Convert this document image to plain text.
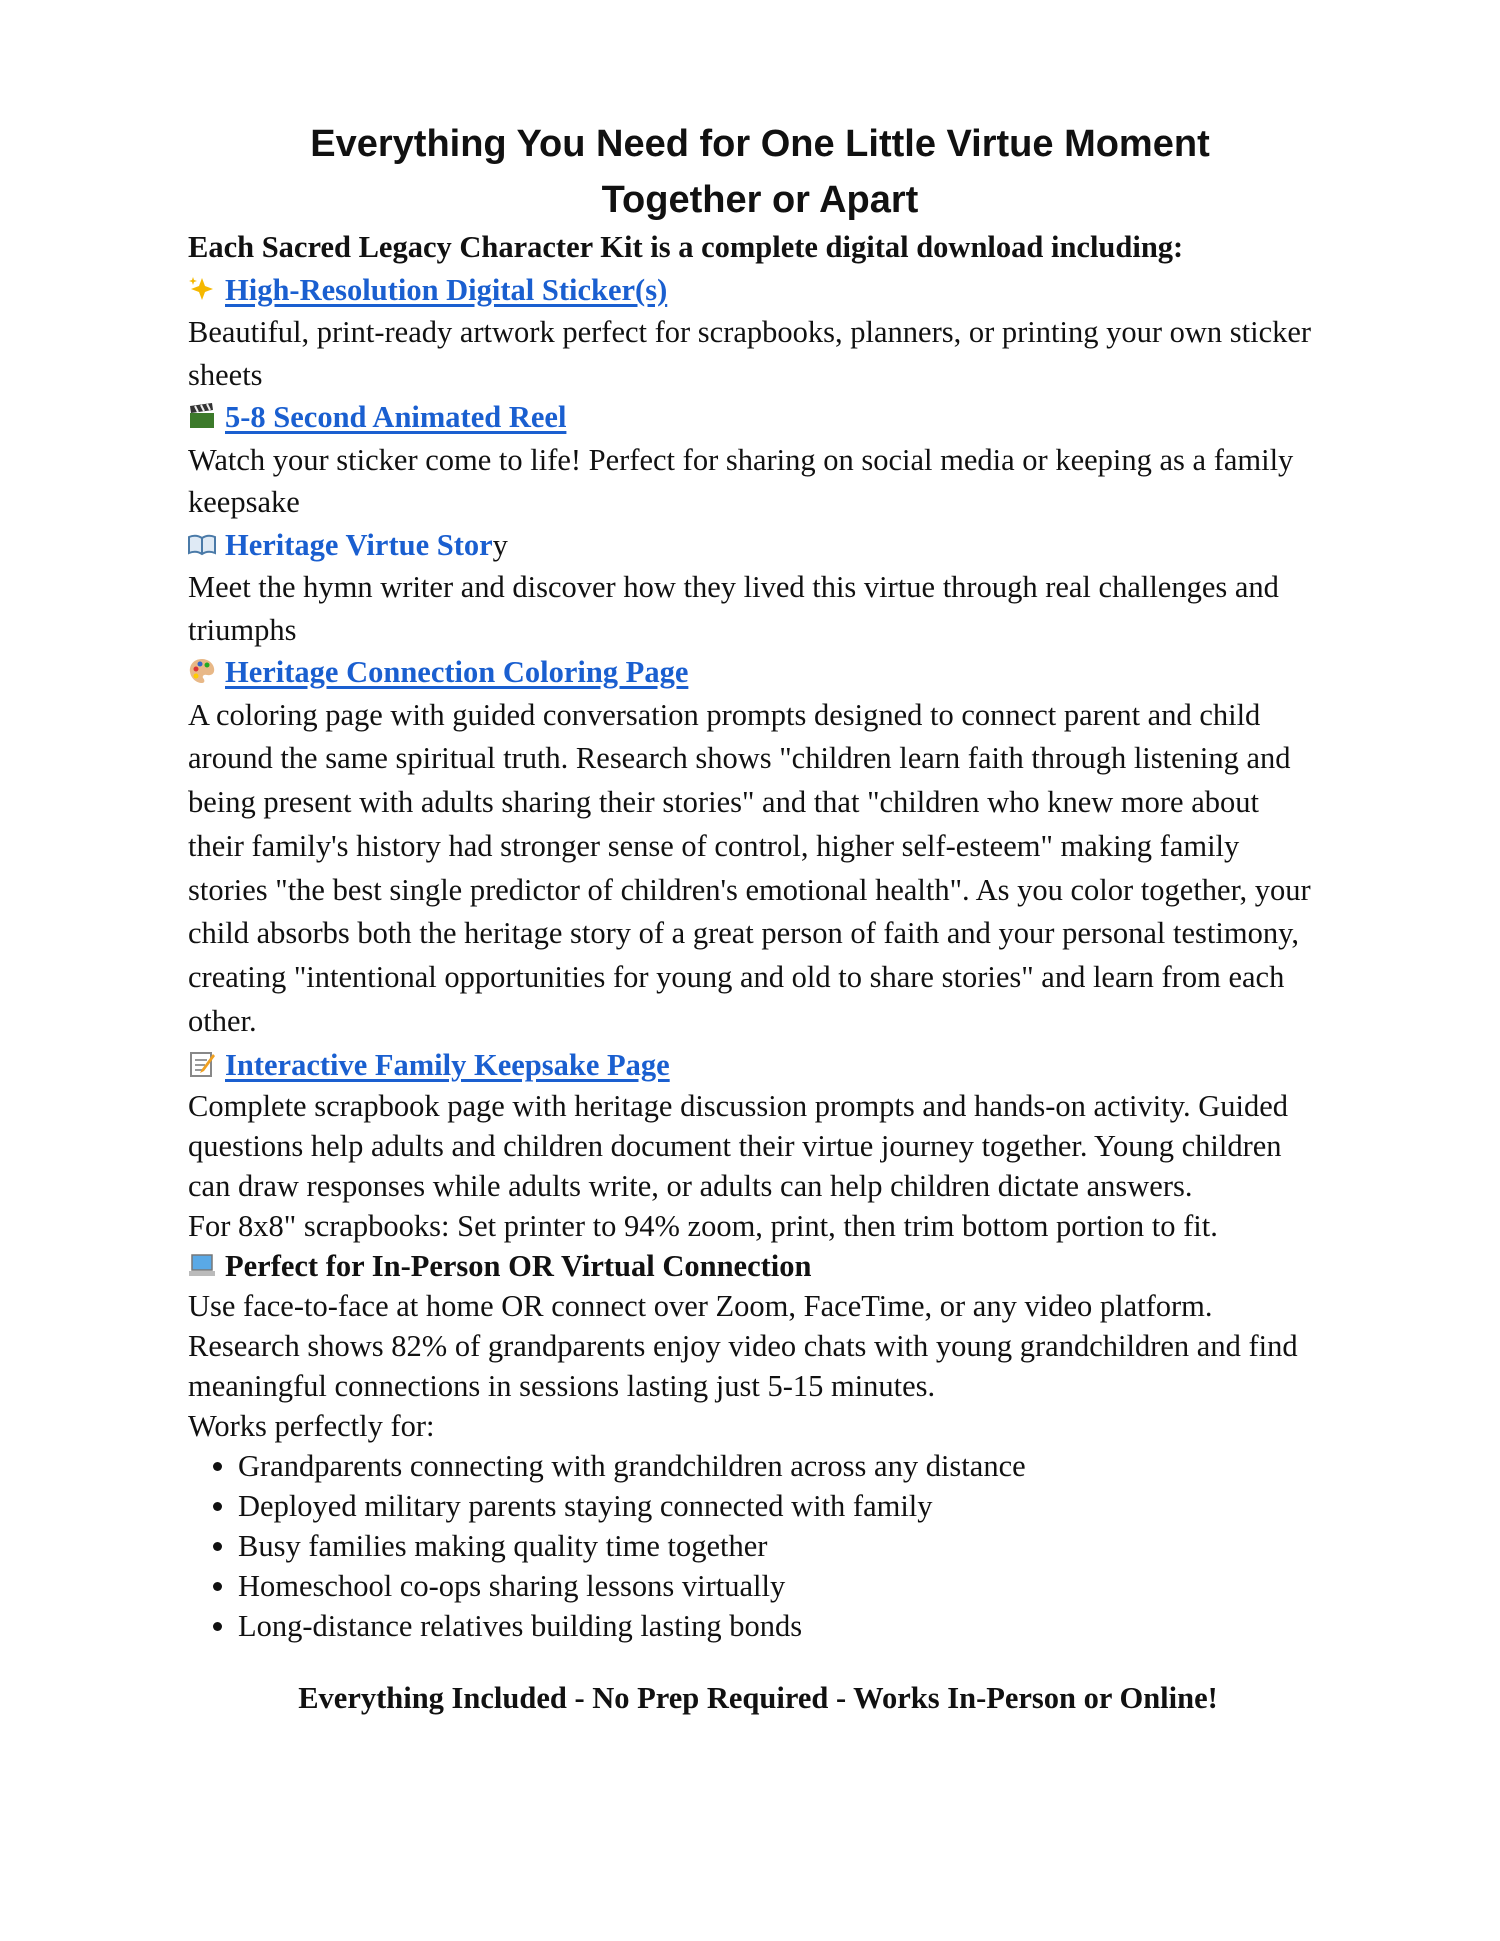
Everything You Need for One Little Virtue Moment
Together or Apart

Each Sacred Legacy Character Kit is a complete digital download including:

High-Resolution Digital Sticker(s)

Beautiful, print-ready artwork perfect for scrapbooks, planners, or printing your own sticker sheets

5-8 Second Animated Reel

Watch your sticker come to life! Perfect for sharing on social media or keeping as a family keepsake

Heritage Virtue Story

Meet the hymn writer and discover how they lived this virtue through real challenges and triumphs

Heritage Connection Coloring Page

A coloring page with guided conversation prompts designed to connect parent and child around the same spiritual truth. Research shows "children learn faith through listening and being present with adults sharing their stories" and that "children who knew more about their family's history had stronger sense of control, higher self-esteem" making family stories "the best single predictor of children's emotional health". As you color together, your child absorbs both the heritage story of a great person of faith and your personal testimony, creating "intentional opportunities for young and old to share stories" and learn from each other.

Interactive Family Keepsake Page

Complete scrapbook page with heritage discussion prompts and hands-on activity. Guided questions help adults and children document their virtue journey together. Young children can draw responses while adults write, or adults can help children dictate answers.

For 8x8" scrapbooks: Set printer to 94% zoom, print, then trim bottom portion to fit.

Perfect for In-Person OR Virtual Connection

Use face-to-face at home OR connect over Zoom, FaceTime, or any video platform. Research shows 82% of grandparents enjoy video chats with young grandchildren and find meaningful connections in sessions lasting just 5-15 minutes.

Works perfectly for:

• Grandparents connecting with grandchildren across any distance
• Deployed military parents staying connected with family
• Busy families making quality time together
• Homeschool co-ops sharing lessons virtually
• Long-distance relatives building lasting bonds

Everything Included - No Prep Required - Works In-Person or Online!
